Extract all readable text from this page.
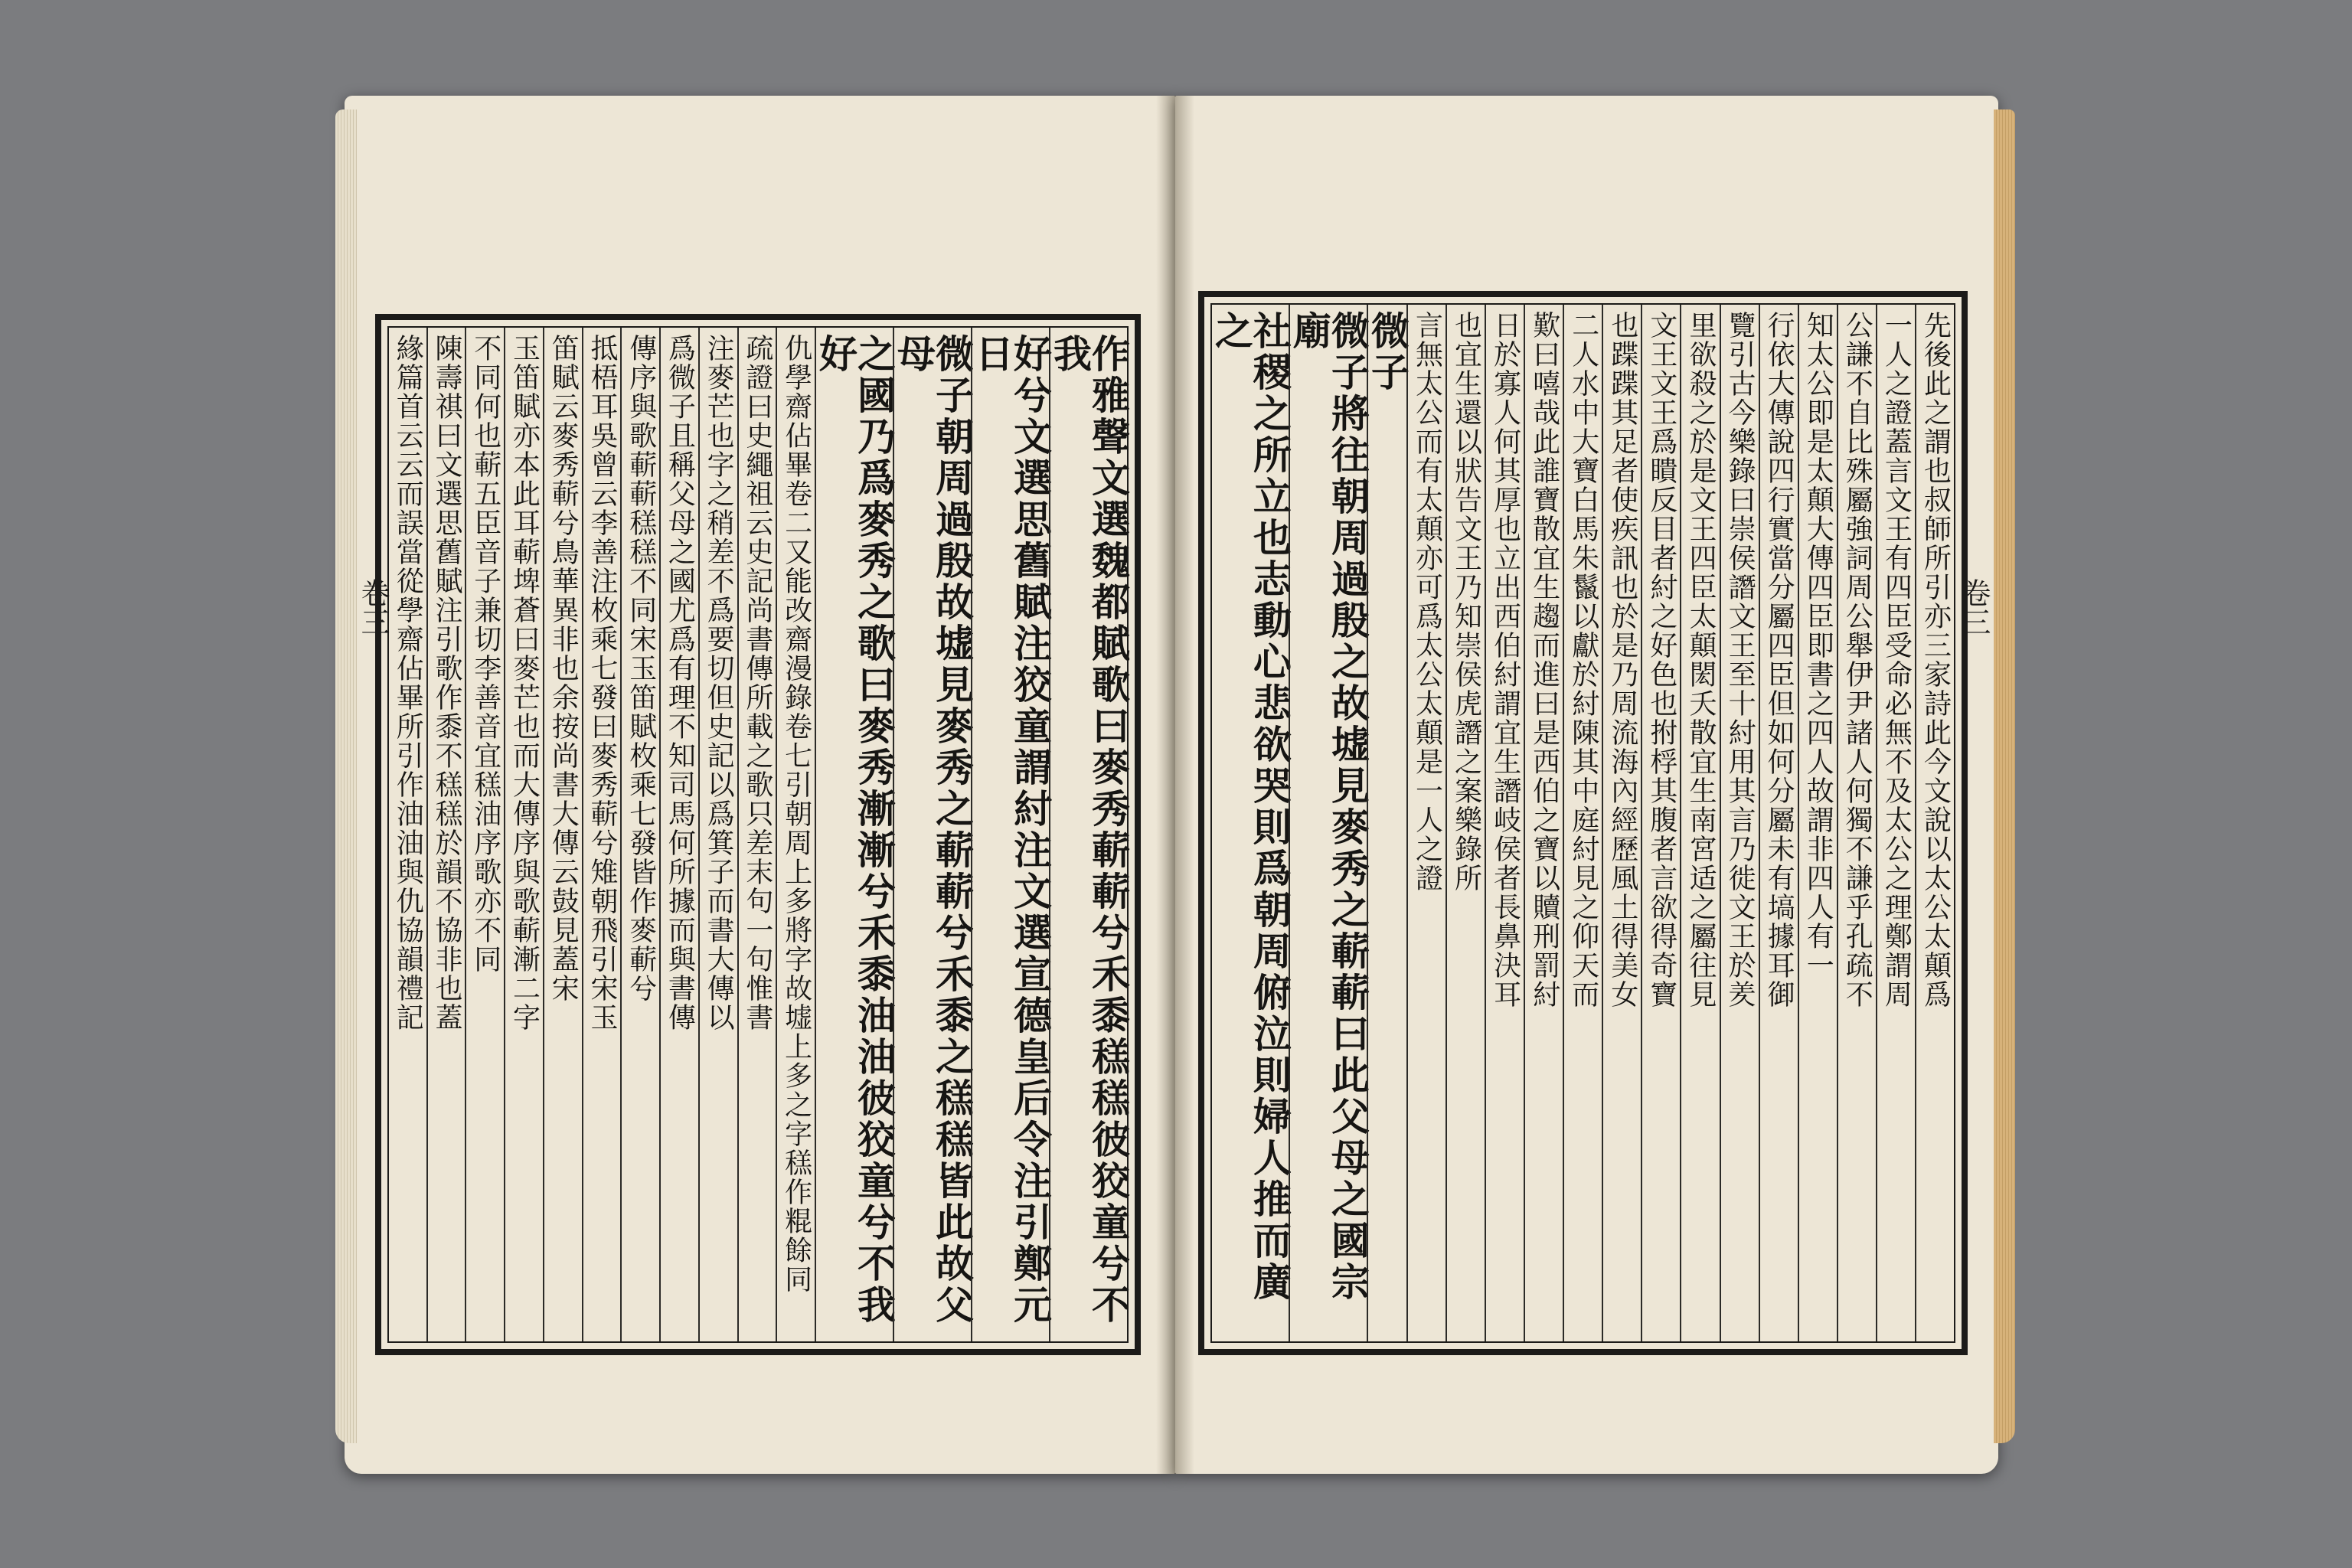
卷三	作雅聲文選魏都賦歌曰麥秀蔪蔪兮禾黍䅵䅵彼狡童兮不我
好兮文選思舊賦注狡童謂紂注文選宣德皇后令注引鄭元日
微子朝周過殷故墟見麥秀之蔪蔪兮禾黍之䅵䅵皆此故父母
之國乃爲麥秀之歌曰麥秀漸漸兮禾黍油油彼狡童兮不我好
仇學齋佔畢卷二又能改齋漫錄卷七引朝周上多將字故墟上多之字䅵作䊐餘同
疏證曰史繩祖云史記尚書傳所載之歌只差末句一句惟書
注麥芒也字之稍差不爲要切但史記以爲箕子而書大傳以
爲微子且稱父母之國尤爲有理不知司馬何所據而與書傳
傳序與歌蔪蔪䅵䅵不同宋玉笛賦枚乘七發皆作麥蔪兮
抵梧耳吳曾云李善注枚乘七發曰麥秀蔪兮雉朝飛引宋玉
笛賦云麥秀蔪兮鳥華異非也余按尚書大傳云鼓見蓋宋
玉笛賦亦本此耳蔪埤蒼曰麥芒也而大傳序與歌蔪漸二字
不同何也蔪五臣音子兼切李善音宜䅵油序歌亦不同
陳壽祺曰文選思舊賦注引歌作黍不䅵䅵於韻不協非也蓋
緣篇首云云而誤當從學齋佔畢所引作油油與仇協韻禮記	卷三
先後此之謂也叔師所引亦三家詩此今文說以太公太顛爲
一人之證蓋言文王有四臣受命必無不及太公之理鄭謂周
公謙不自比殊屬強詞周公舉伊尹諸人何獨不謙乎孔疏不
知太公即是太顛大傳四臣即書之四人故謂非四人有一
行依大傳說四行實當分屬四臣但如何分屬未有塙據耳御
覽引古今樂錄曰崇侯譖文王至十紂用其言乃徙文王於羑
里欲殺之於是文王四臣太顛閎夭散宜生南宮适之屬往見
文王文王爲瞶反目者紂之好色也拊桴其腹者言欲得奇寶
也蹀蹀其足者使疾訊也於是乃周流海內經歷風土得美女
二人水中大寶白馬朱鬣以獻於紂陳其中庭紂見之仰天而
歎曰嘻哉此誰寶散宜生趨而進曰是西伯之寶以贖刑罰紂
日於寡人何其厚也立出西伯紂謂宜生譖岐侯者長鼻決耳
也宜生還以狀告文王乃知崇侯虎譖之案樂錄所
言無太公而有太顛亦可爲太公太顛是一人之證
微子
微子將往朝周過殷之故墟見麥秀之蔪蔪曰此父母之國宗廟
社稷之所立也志動心悲欲哭則爲朝周俯泣則婦人推而廣之
